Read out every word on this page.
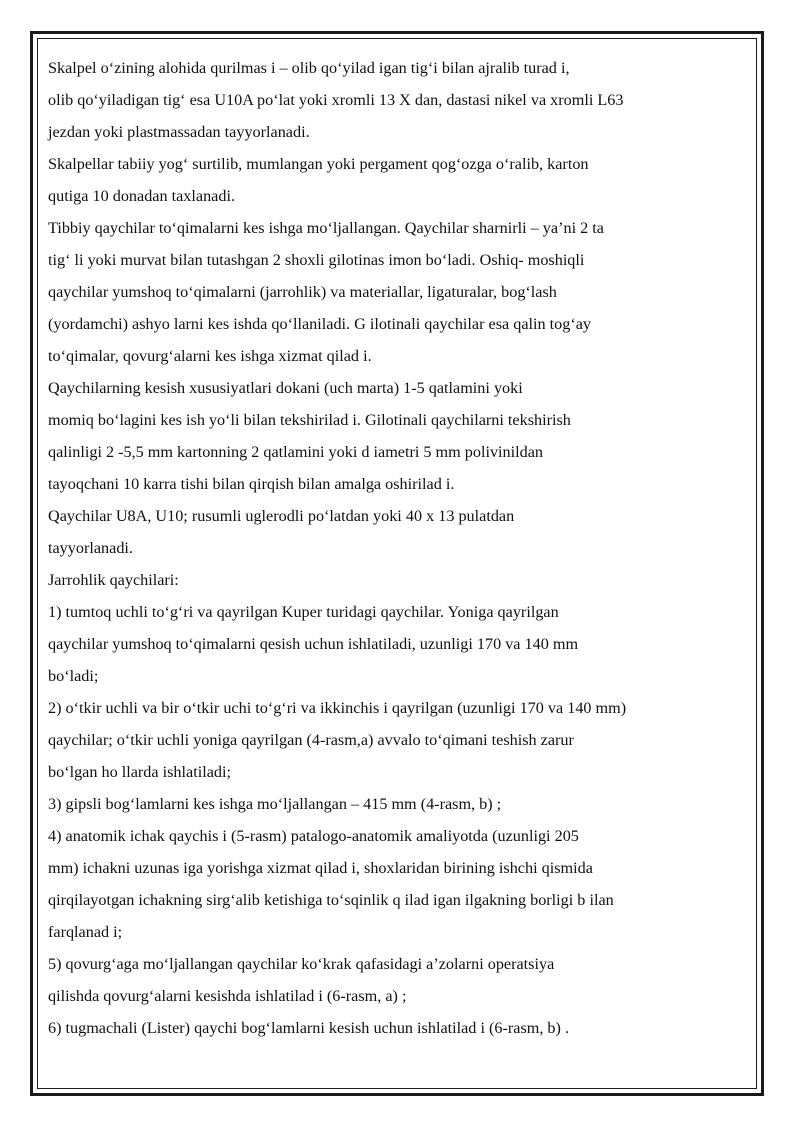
Skalpel o‘zining alohida qurilmas i – olib qo‘yilad igan tig‘i bilan ajralib turad i,
olib qo‘yiladigan tig‘ esa U10A po‘lat yoki xromli 13 X dan, dastasi nikel va xromli L63
jezdan yoki plastmassadan tayyorlanadi.
Skalpellar tabiiy yog‘ surtilib, mumlangan yoki pergament qog‘ozga o‘ralib, karton
qutiga 10 donadan taxlanadi.
Tibbiy qaychilar to‘qimalarni kes ishga mo‘ljallangan. Qaychilar sharnirli – ya’ni 2 ta
tig‘ li yoki murvat bilan tutashgan 2 shoxli gilotinas imon bo‘ladi. Oshiq- moshiqli
qaychilar yumshoq to‘qimalarni (jarrohlik) va materiallar, ligaturalar, bog‘lash
(yordamchi) ashyo larni kes ishda qo‘llaniladi. G ilotinali qaychilar esa qalin tog‘ay
to‘qimalar, qovurg‘alarni kes ishga xizmat qilad i.
Qaychilarning kesish xususiyatlari dokani (uch marta) 1-5 qatlamini yoki
momiq bo‘lagini kes ish yo‘li bilan tekshirilad i. Gilotinali qaychilarni tekshirish
qalinligi 2 -5,5 mm kartonning 2 qatlamini yoki d iametri 5 mm polivinildan
tayoqchani 10 karra tishi bilan qirqish bilan amalga oshirilad i.
Qaychilar U8A, U10; rusumli uglerodli po‘latdan yoki 40 x 13 pulatdan
tayyorlanadi.
Jarrohlik qaychilari:
1) tumtoq uchli to‘g‘ri va qayrilgan Kuper turidagi qaychilar. Yoniga qayrilgan
qaychilar yumshoq to‘qimalarni qesish uchun ishlatiladi, uzunligi 170 va 140 mm
bo‘ladi;
2) o‘tkir uchli va bir o‘tkir uchi to‘g‘ri va ikkinchis i qayrilgan (uzunligi 170 va 140 mm)
qaychilar; o‘tkir uchli yoniga qayrilgan (4-rasm,a) avvalo to‘qimani teshish zarur
bo‘lgan ho llarda ishlatiladi;
3) gipsli bog‘lamlarni kes ishga mo‘ljallangan – 415 mm (4-rasm, b) ;
4) anatomik ichak qaychis i (5-rasm) patalogo-anatomik amaliyotda (uzunligi 205
mm) ichakni uzunas iga yorishga xizmat qilad i, shoxlaridan birining ishchi qismida
qirqilayotgan ichakning sirg‘alib ketishiga to‘sqinlik q ilad igan ilgakning borligi b ilan
farqlanad i;
5) qovurg‘aga mo‘ljallangan qaychilar ko‘krak qafasidagi a’zolarni operatsiya
qilishda qovurg‘alarni kesishda ishlatilad i (6-rasm, a) ;
6) tugmachali (Lister) qaychi bog‘lamlarni kesish uchun ishlatilad i (6-rasm, b) .
